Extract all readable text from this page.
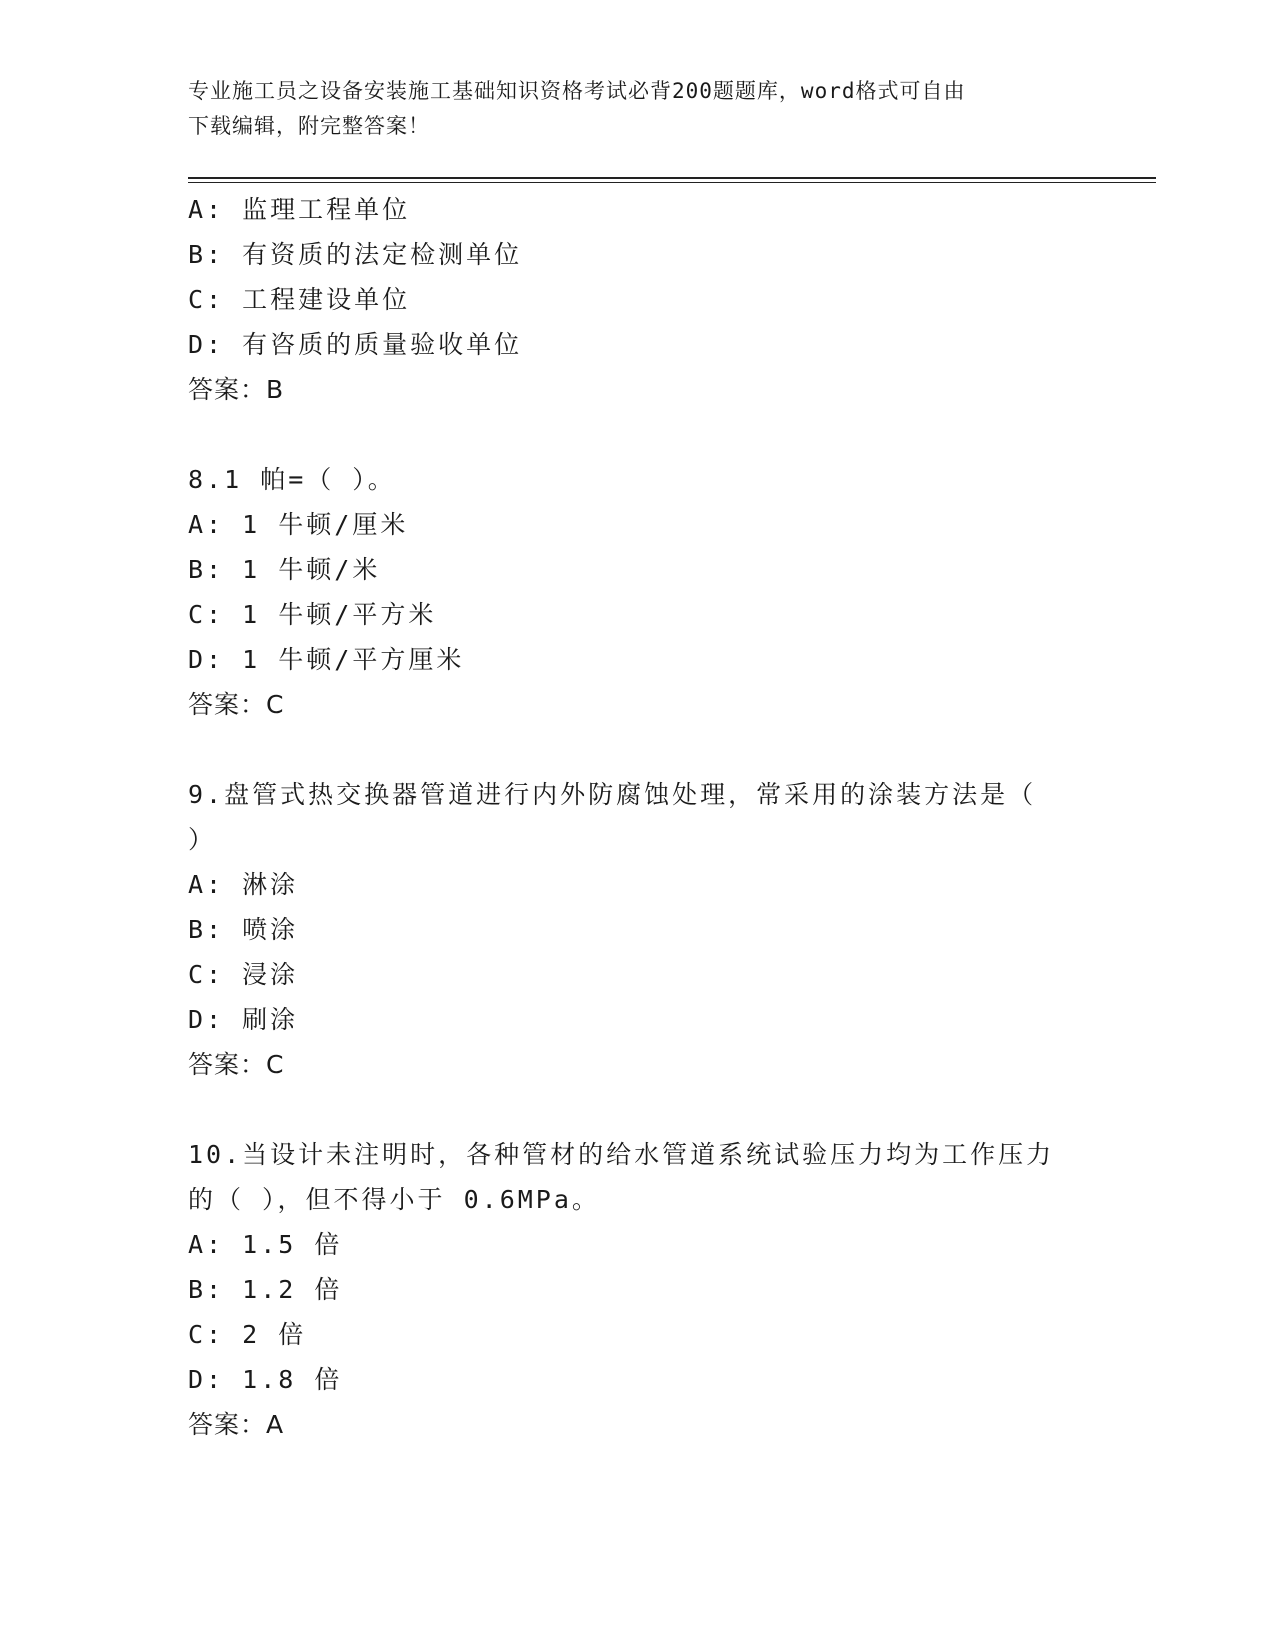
专业施工员之设备安装施工基础知识资格考试必背200题题库，word格式可自由
下载编辑，附完整答案！
A: 监理工程单位
B: 有资质的法定检测单位
C: 工程建设单位
D: 有咨质的质量验收单位
答案：B
8.1 帕=（ ）。
A: 1 牛顿/厘米
B: 1 牛顿/米
C: 1 牛顿/平方米
D: 1 牛顿/平方厘米
答案：C
9.盘管式热交换器管道进行内外防腐蚀处理，常采用的涂装方法是（
）
A: 淋涂
B: 喷涂
C: 浸涂
D: 刷涂
答案：C
10.当设计未注明时，各种管材的给水管道系统试验压力均为工作压力
的（ ），但不得小于 0.6MPa。
A: 1.5 倍
B: 1.2 倍
C: 2 倍
D: 1.8 倍
答案：A
